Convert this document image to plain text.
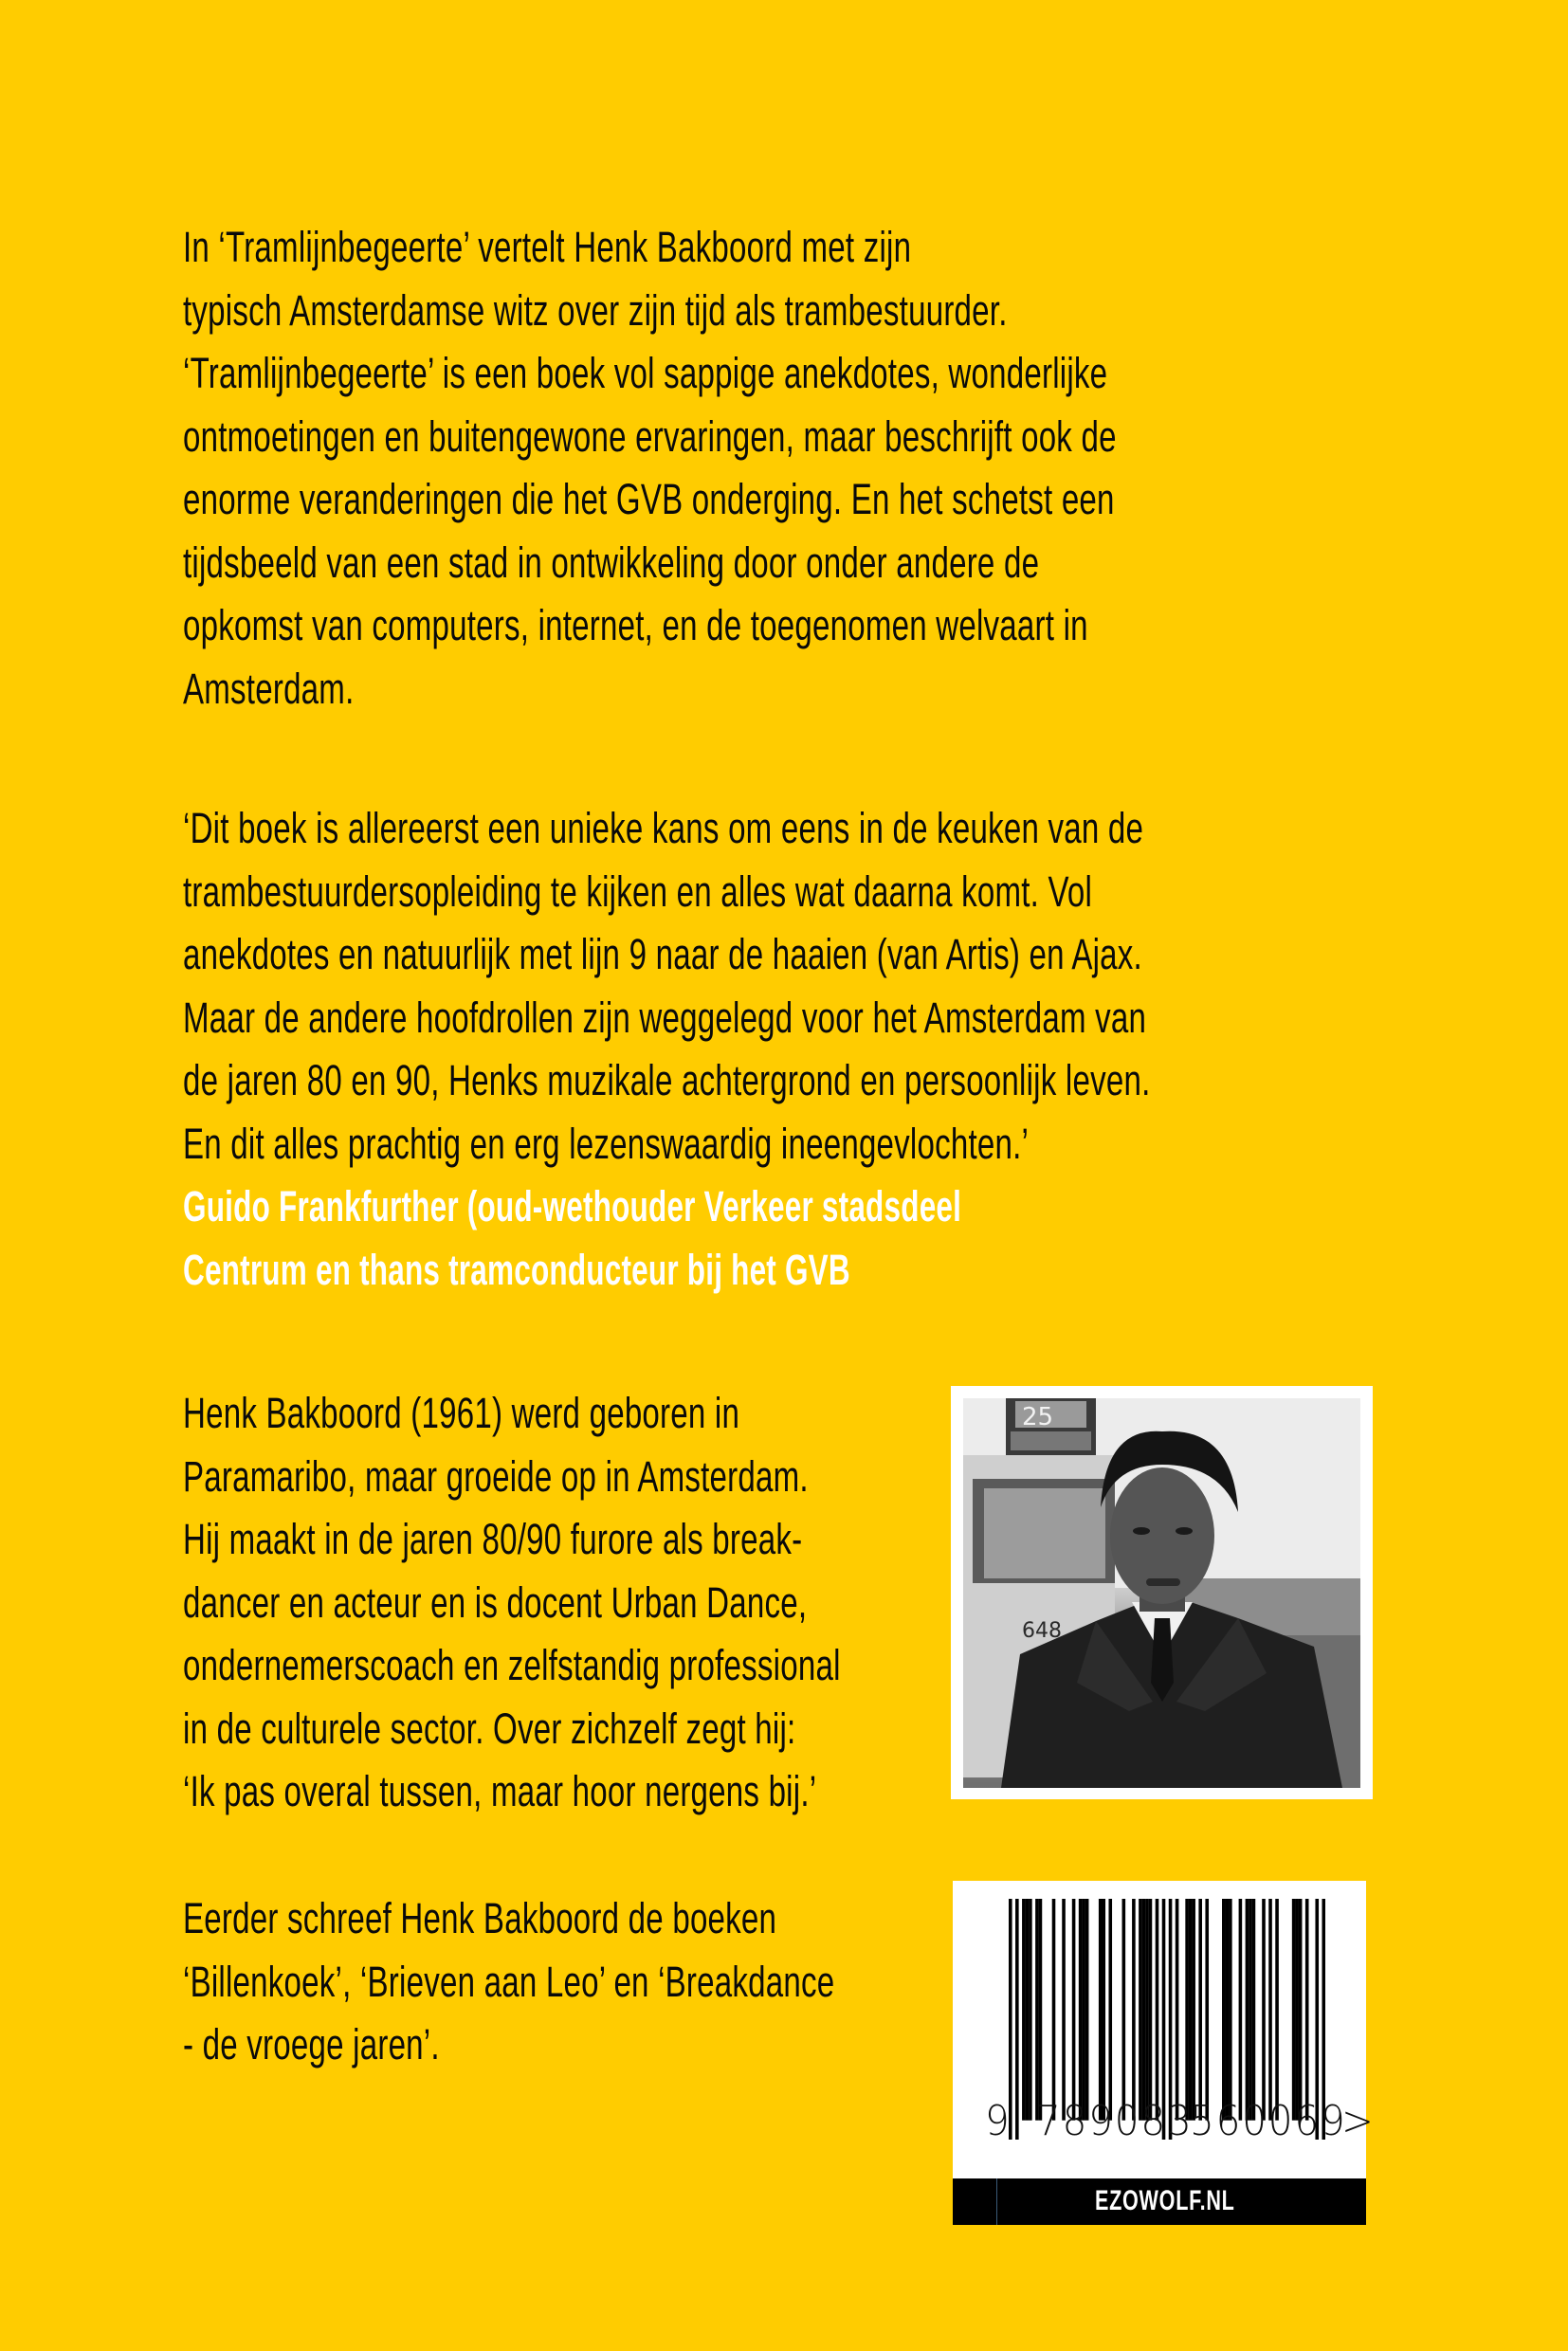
In ‘Tramlijnbegeerte’ vertelt Henk Bakboord met zijn
typisch Amsterdamse witz over zijn tijd als trambestuurder.
‘Tramlijnbegeerte’ is een boek vol sappige anekdotes, wonderlijke
ontmoetingen en buitengewone ervaringen, maar beschrijft ook de
enorme veranderingen die het GVB onderging. En het schetst een
tijdsbeeld van een stad in ontwikkeling door onder andere de
opkomst van computers, internet, en de toegenomen welvaart in
Amsterdam.
‘Dit boek is allereerst een unieke kans om eens in de keuken van de
trambestuurdersopleiding te kijken en alles wat daarna komt. Vol
anekdotes en natuurlijk met lijn 9 naar de haaien (van Artis) en Ajax.
Maar de andere hoofdrollen zijn weggelegd voor het Amsterdam van
de jaren 80 en 90, Henks muzikale achtergrond en persoonlijk leven.
En dit alles prachtig en erg lezenswaardig ineengevlochten.’
Guido Frankfurther (oud-wethouder Verkeer stadsdeel
Centrum en thans tramconducteur bij het GVB
Henk Bakboord (1961) werd geboren in
Paramaribo, maar groeide op in Amsterdam.
Hij maakt in de jaren 80/90 furore als break-
dancer en acteur en is docent Urban Dance,
ondernemerscoach en zelfstandig professional
in de culturele sector. Over zichzelf zegt hij:
‘Ik pas overal tussen, maar hoor nergens bij.’
Eerder schreef Henk Bakboord de boeken
‘Billenkoek’, ‘Brieven aan Leo’ en ‘Breakdance
- de vroege jaren’.
25
648
9 789083
560069
>
EZOWOLF.NL
